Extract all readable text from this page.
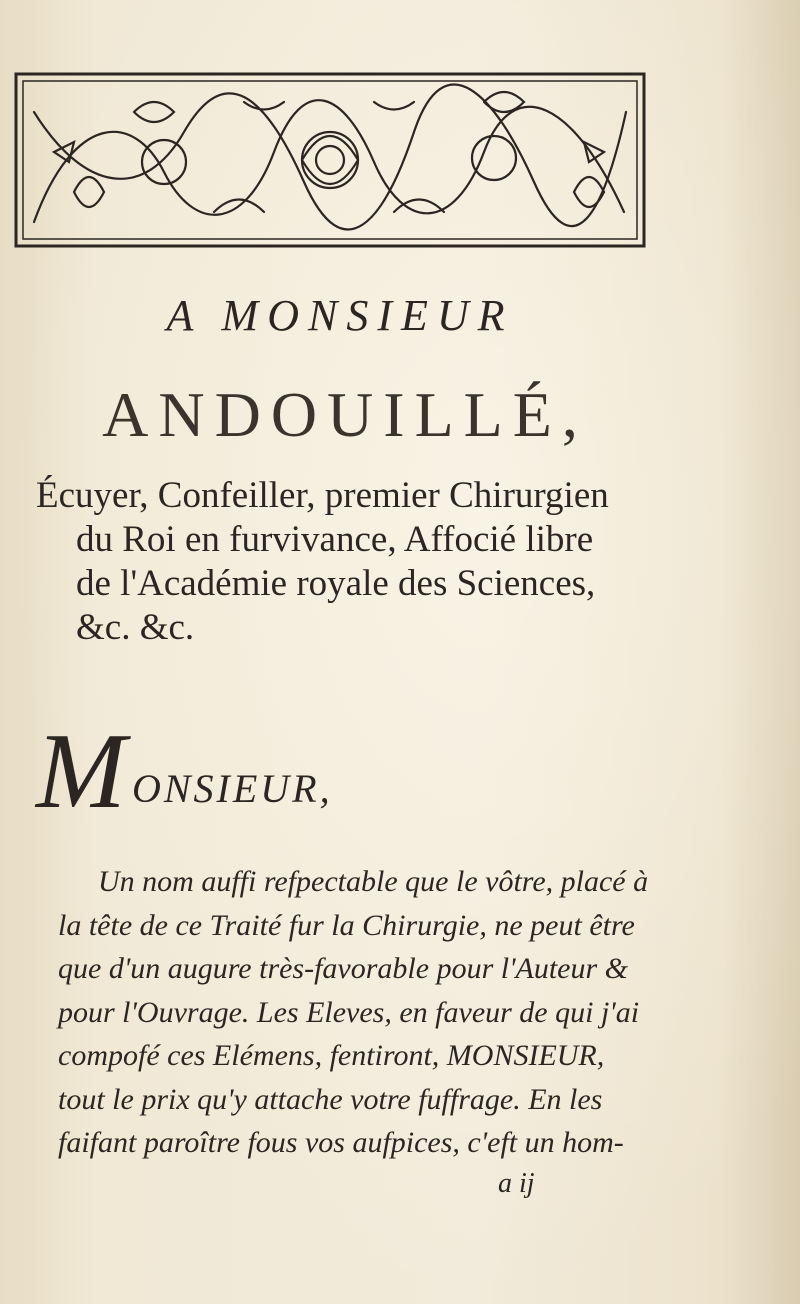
A MONSIEUR
ANDOUILLÉ,

Écuyer, Confeiller, premier Chirurgien

du Roi en furvivance, Affocié libre

de l'Académie royale des Sciences,

&c. &c.

M ONSIEUR,

Un nom auffi refpectable que le vôtre, placé à

la tête de ce Traité fur la Chirurgie, ne peut être

que d'un augure très-favorable pour l'Auteur &

pour l'Ouvrage. Les Eleves, en faveur de qui j'ai

compofé ces Elémens, fentiront, MONSIEUR,

tout le prix qu'y attache votre fuffrage. En les

faifant paroître fous vos aufpices, c'eft un hom-

a ij
